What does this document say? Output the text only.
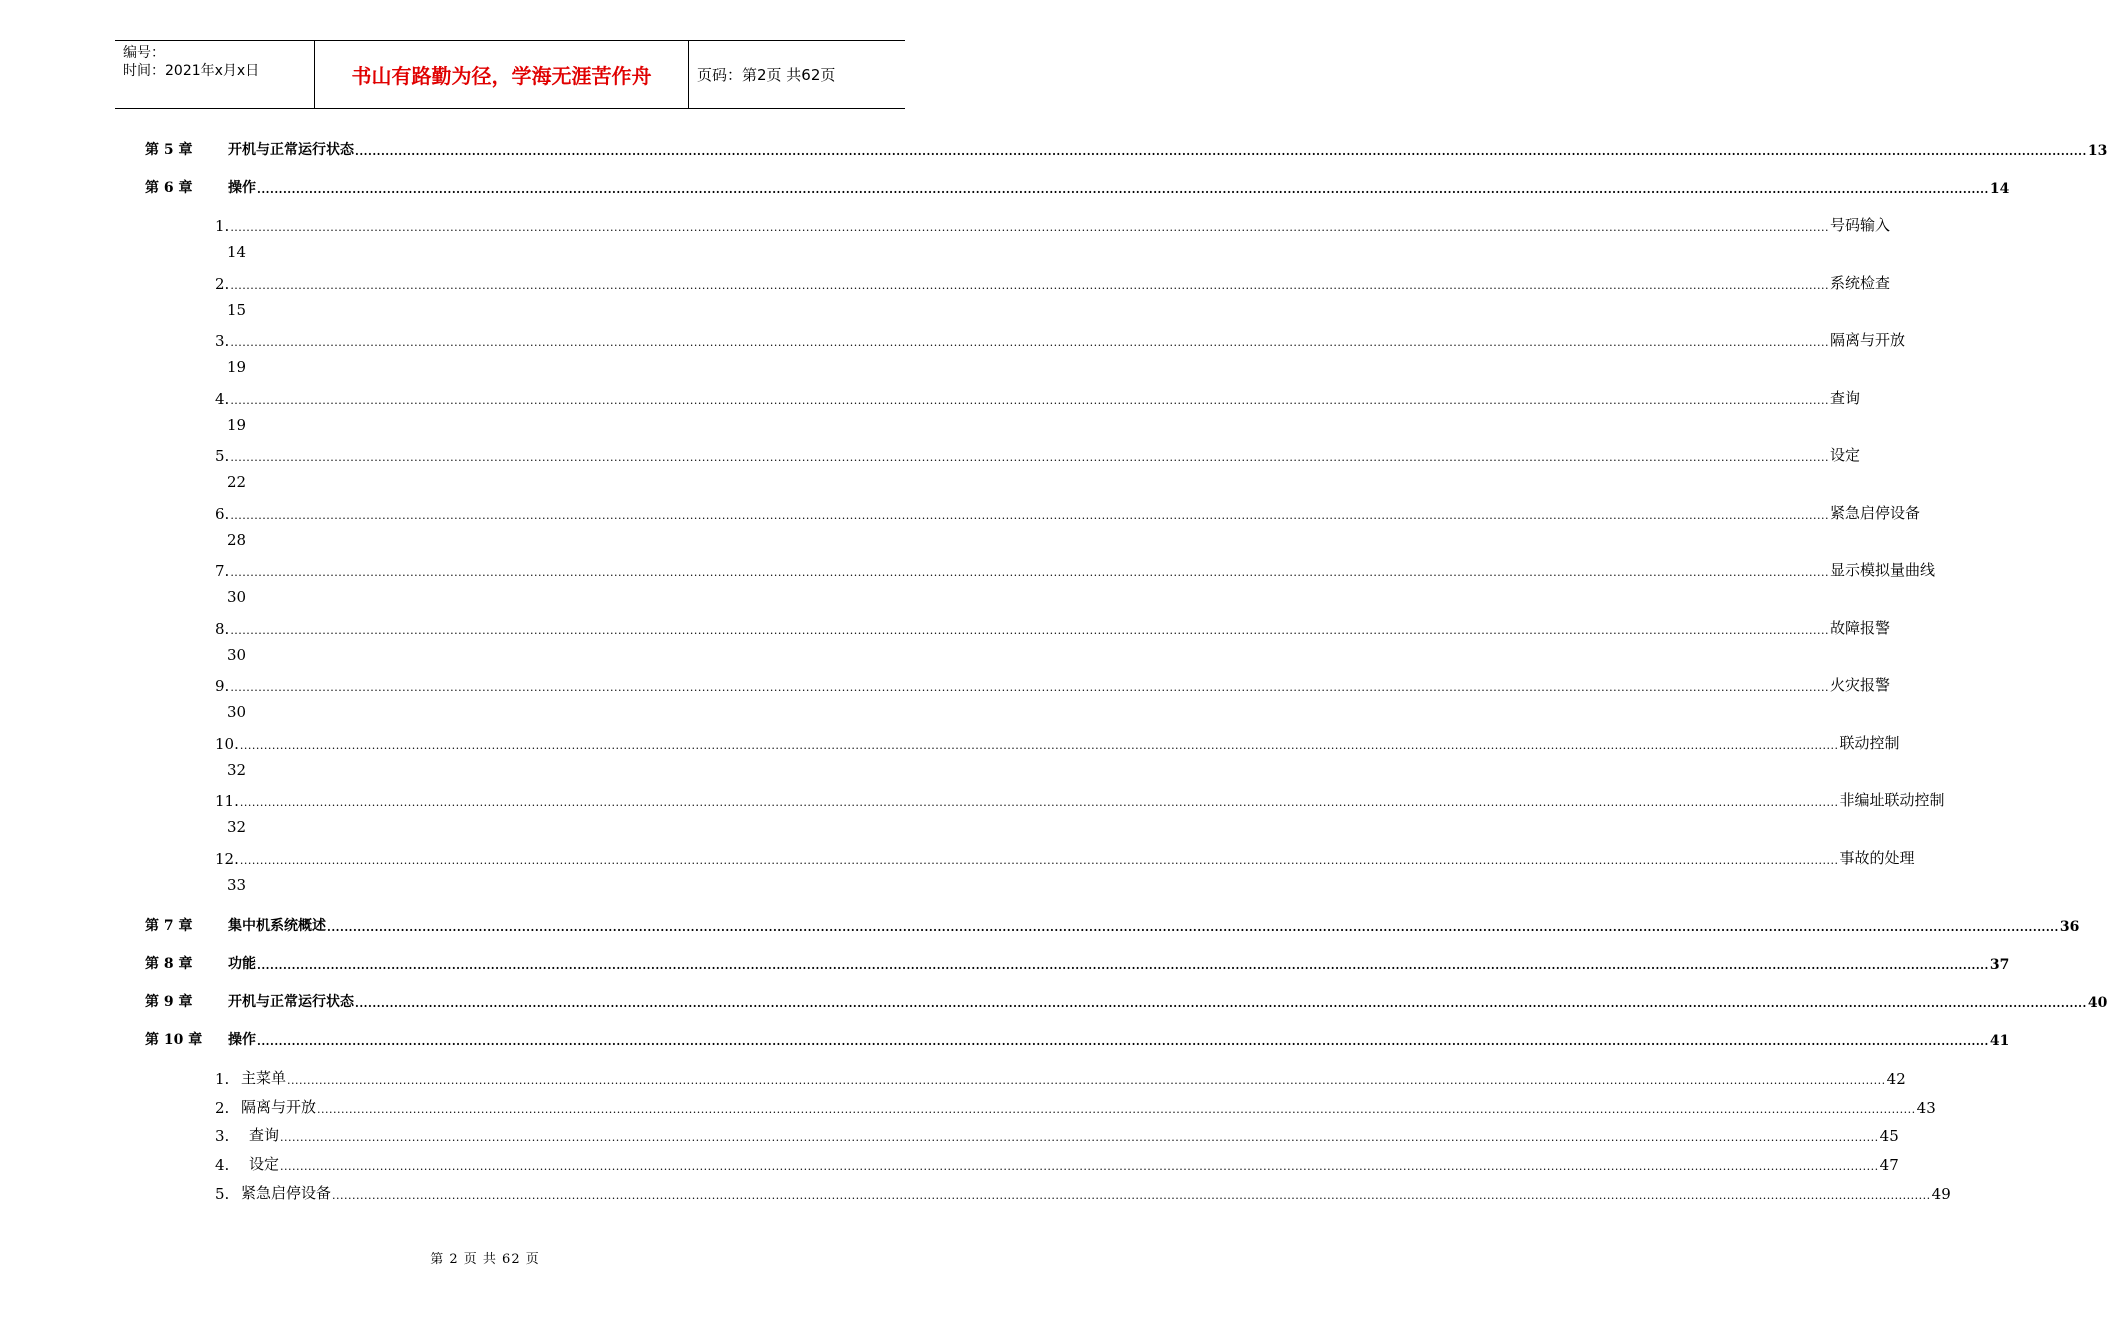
编号：
时间：2021年x月x日	书山有路勤为径，学海无涯苦作舟	页码：第2页 共62页
第 5 章	开机与正常运行状态 ................................................................................................................................................................................................................................................................................................................................................................................................................ 13
第 6 章	操作 ................................................................................................................................................................................................................................................................................................................................................................................................................ 14
1. ................................................................................................................................................................................................................................................................................................................................................................................................................ 号码输入
14
2. ................................................................................................................................................................................................................................................................................................................................................................................................................ 系统检查
15
3. ................................................................................................................................................................................................................................................................................................................................................................................................................ 隔离与开放
19
4. ................................................................................................................................................................................................................................................................................................................................................................................................................ 查询
19
5. ................................................................................................................................................................................................................................................................................................................................................................................................................ 设定
22
6. ................................................................................................................................................................................................................................................................................................................................................................................................................ 紧急启停设备
28
7. ................................................................................................................................................................................................................................................................................................................................................................................................................ 显示模拟量曲线
30
8. ................................................................................................................................................................................................................................................................................................................................................................................................................ 故障报警
30
9. ................................................................................................................................................................................................................................................................................................................................................................................................................ 火灾报警
30
10. ................................................................................................................................................................................................................................................................................................................................................................................................................ 联动控制
32
11. ................................................................................................................................................................................................................................................................................................................................................................................................................ 非编址联动控制
32
12. ................................................................................................................................................................................................................................................................................................................................................................................................................ 事故的处理
33
第 7 章	集中机系统概述 ................................................................................................................................................................................................................................................................................................................................................................................................................ 36
第 8 章	功能 ................................................................................................................................................................................................................................................................................................................................................................................................................ 37
第 9 章	开机与正常运行状态 ................................................................................................................................................................................................................................................................................................................................................................................................................ 40
第 10 章	操作 ................................................................................................................................................................................................................................................................................................................................................................................................................ 41
1. 主菜单 ................................................................................................................................................................................................................................................................................................................................................................................................................ 42
2. 隔离与开放 ................................................................................................................................................................................................................................................................................................................................................................................................................ 43
3.	查询 ................................................................................................................................................................................................................................................................................................................................................................................................................ 45
4.	设定 ................................................................................................................................................................................................................................................................................................................................................................................................................ 47
5. 紧急启停设备 ................................................................................................................................................................................................................................................................................................................................................................................................................ 49
第 2 页 共 62 页
